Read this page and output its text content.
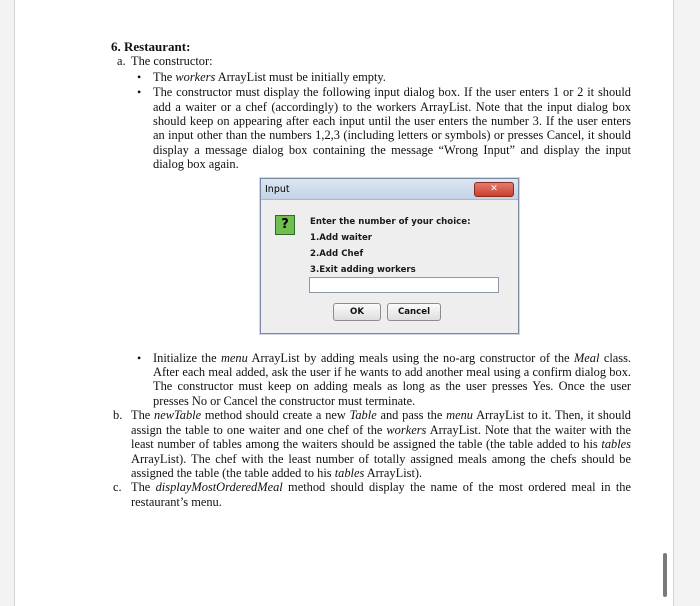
6. Restaurant:
a. The constructor:
• The workers ArrayList must be initially empty.
• The constructor must display the following input dialog box. If the user enters 1 or 2 it should add a waiter or a chef (accordingly) to the workers ArrayList. Note that the input dialog box should keep on appearing after each input until the user enters the number 3. If the user enters an input other than the numbers 1,2,3 (including letters or symbols) or presses Cancel, it should display a message dialog box containing the message “Wrong Input” and display the input dialog box again.
Input	✕
?	Enter the number of your choice:
1.Add waiter
2.Add Chef
3.Exit adding workers
OK	Cancel
• Initialize the menu ArrayList by adding meals using the no-arg constructor of the Meal class. After each meal added, ask the user if he wants to add another meal using a confirm dialog box. The constructor must keep on adding meals as long as the user presses Yes. Once the user presses No or Cancel the constructor must terminate.
b. The newTable method should create a new Table and pass the menu ArrayList to it. Then, it should assign the table to one waiter and one chef of the workers ArrayList. Note that the waiter with the least number of tables among the waiters should be assigned the table (the table added to his tables ArrayList). The chef with the least number of totally assigned meals among the chefs should be assigned the table (the table added to his tables ArrayList).
c. The displayMostOrderedMeal method should display the name of the most ordered meal in the restaurant’s menu.
